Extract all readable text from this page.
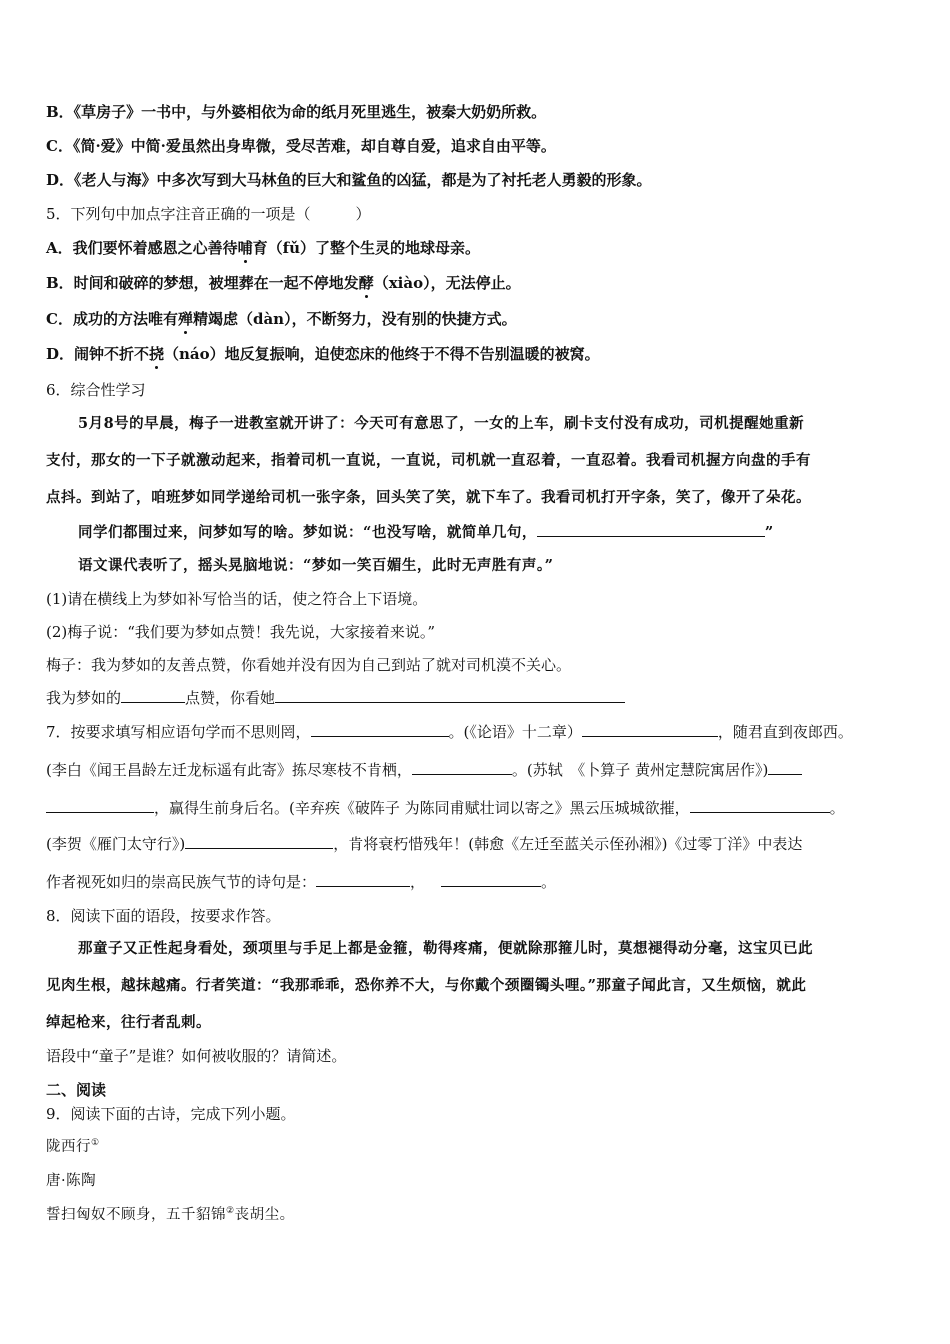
B．《草房子》一书中，与外婆相依为命的纸月死里逃生，被秦大奶奶所救。
C．《简·爱》中简·爱虽然出身卑微，受尽苦难，却自尊自爱，追求自由平等。
D．《老人与海》中多次写到大马林鱼的巨大和鲨鱼的凶猛，都是为了衬托老人勇毅的形象。
5．下列句中加点字注音正确的一项是（　　　）
A．我们要怀着感恩之心善待哺育（fǔ）了整个生灵的地球母亲。
B．时间和破碎的梦想，被埋葬在一起不停地发酵（xiào），无法停止。
C．成功的方法唯有殚精竭虑（dàn），不断努力，没有别的快捷方式。
D．闹钟不折不挠（náo）地反复振响，迫使恋床的他终于不得不告别温暖的被窝。
6．综合性学习
5月8号的早晨，梅子一进教室就开讲了：今天可有意思了，一女的上车，刷卡支付没有成功，司机提醒她重新
支付，那女的一下子就激动起来，指着司机一直说，一直说，司机就一直忍着，一直忍着。我看司机握方向盘的手有
点抖。到站了，咱班梦如同学递给司机一张字条，回头笑了笑，就下车了。我看司机打开字条，笑了，像开了朵花。
同学们都围过来，问梦如写的啥。梦如说：“也没写啥，就简单几句，	”
语文课代表听了，摇头晃脑地说：“梦如一笑百媚生，此时无声胜有声。”
(1)请在横线上为梦如补写恰当的话，使之符合上下语境。
(2)梅子说：“我们要为梦如点赞！我先说，大家接着来说。”
梅子：我为梦如的友善点赞，你看她并没有因为自己到站了就对司机漠不关心。
我为梦如的	点赞，你看她
7．按要求填写相应语句学而不思则罔，	。(《论语》十二章）	，随君直到夜郎西。
(李白《闻王昌龄左迁龙标遥有此寄》拣尽寒枝不肯栖，	。(苏轼　《卜算子 黄州定慧院寓居作》)
，赢得生前身后名。(辛弃疾《破阵子 为陈同甫赋壮词以寄之》黑云压城城欲摧，	。
(李贺《雁门太守行》)	，肯将衰朽惜残年！(韩愈《左迁至蓝关示侄孙湘》)《过零丁洋》中表达
作者视死如归的崇高民族气节的诗句是：	，	。
8．阅读下面的语段，按要求作答。
那童子又正性起身看处，颈项里与手足上都是金箍，勒得疼痛，便就除那箍儿时，莫想褪得动分毫，这宝贝已此
见肉生根，越抹越痛。行者笑道：“我那乖乖，恐你养不大，与你戴个颈圈镯头哩。”那童子闻此言，又生烦恼，就此
绰起枪来，往行者乱刺。
语段中“童子”是谁？如何被收服的？请简述。
二、阅读
9．阅读下面的古诗，完成下列小题。
陇西行①
唐·陈陶
誓扫匈奴不顾身，五千貂锦②丧胡尘。
